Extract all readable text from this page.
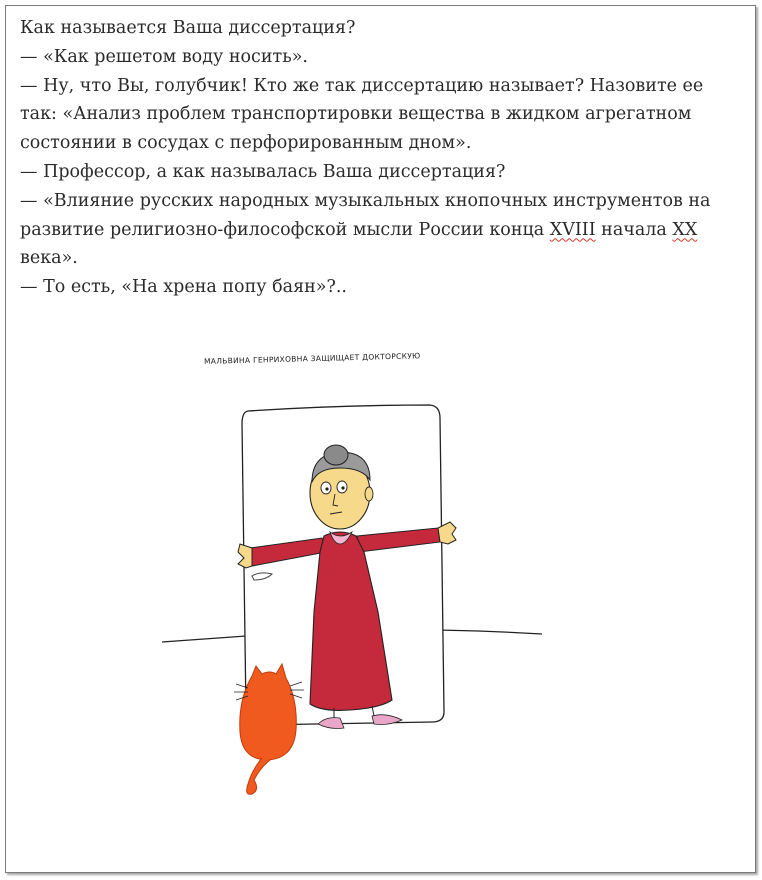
Как называется Ваша диссертация?

— «Как решетом воду носить».

— Ну, что Вы, голубчик! Кто же так диссертацию называет? Назовите ее так: «Анализ проблем транспортировки вещества в жидком агрегатном состоянии в сосудах с перфорированным дном».

— Профессор, а как называлась Ваша диссертация?

— «Влияние русских народных музыкальных кнопочных инструментов на развитие религиозно-философской мысли России конца XVIII начала XX века».

— То есть, «На хрена попу баян»?..

МАЛЬВИНА ГЕНРИХОВНА ЗАЩИЩАЕТ ДОКТОРСКУЮ
